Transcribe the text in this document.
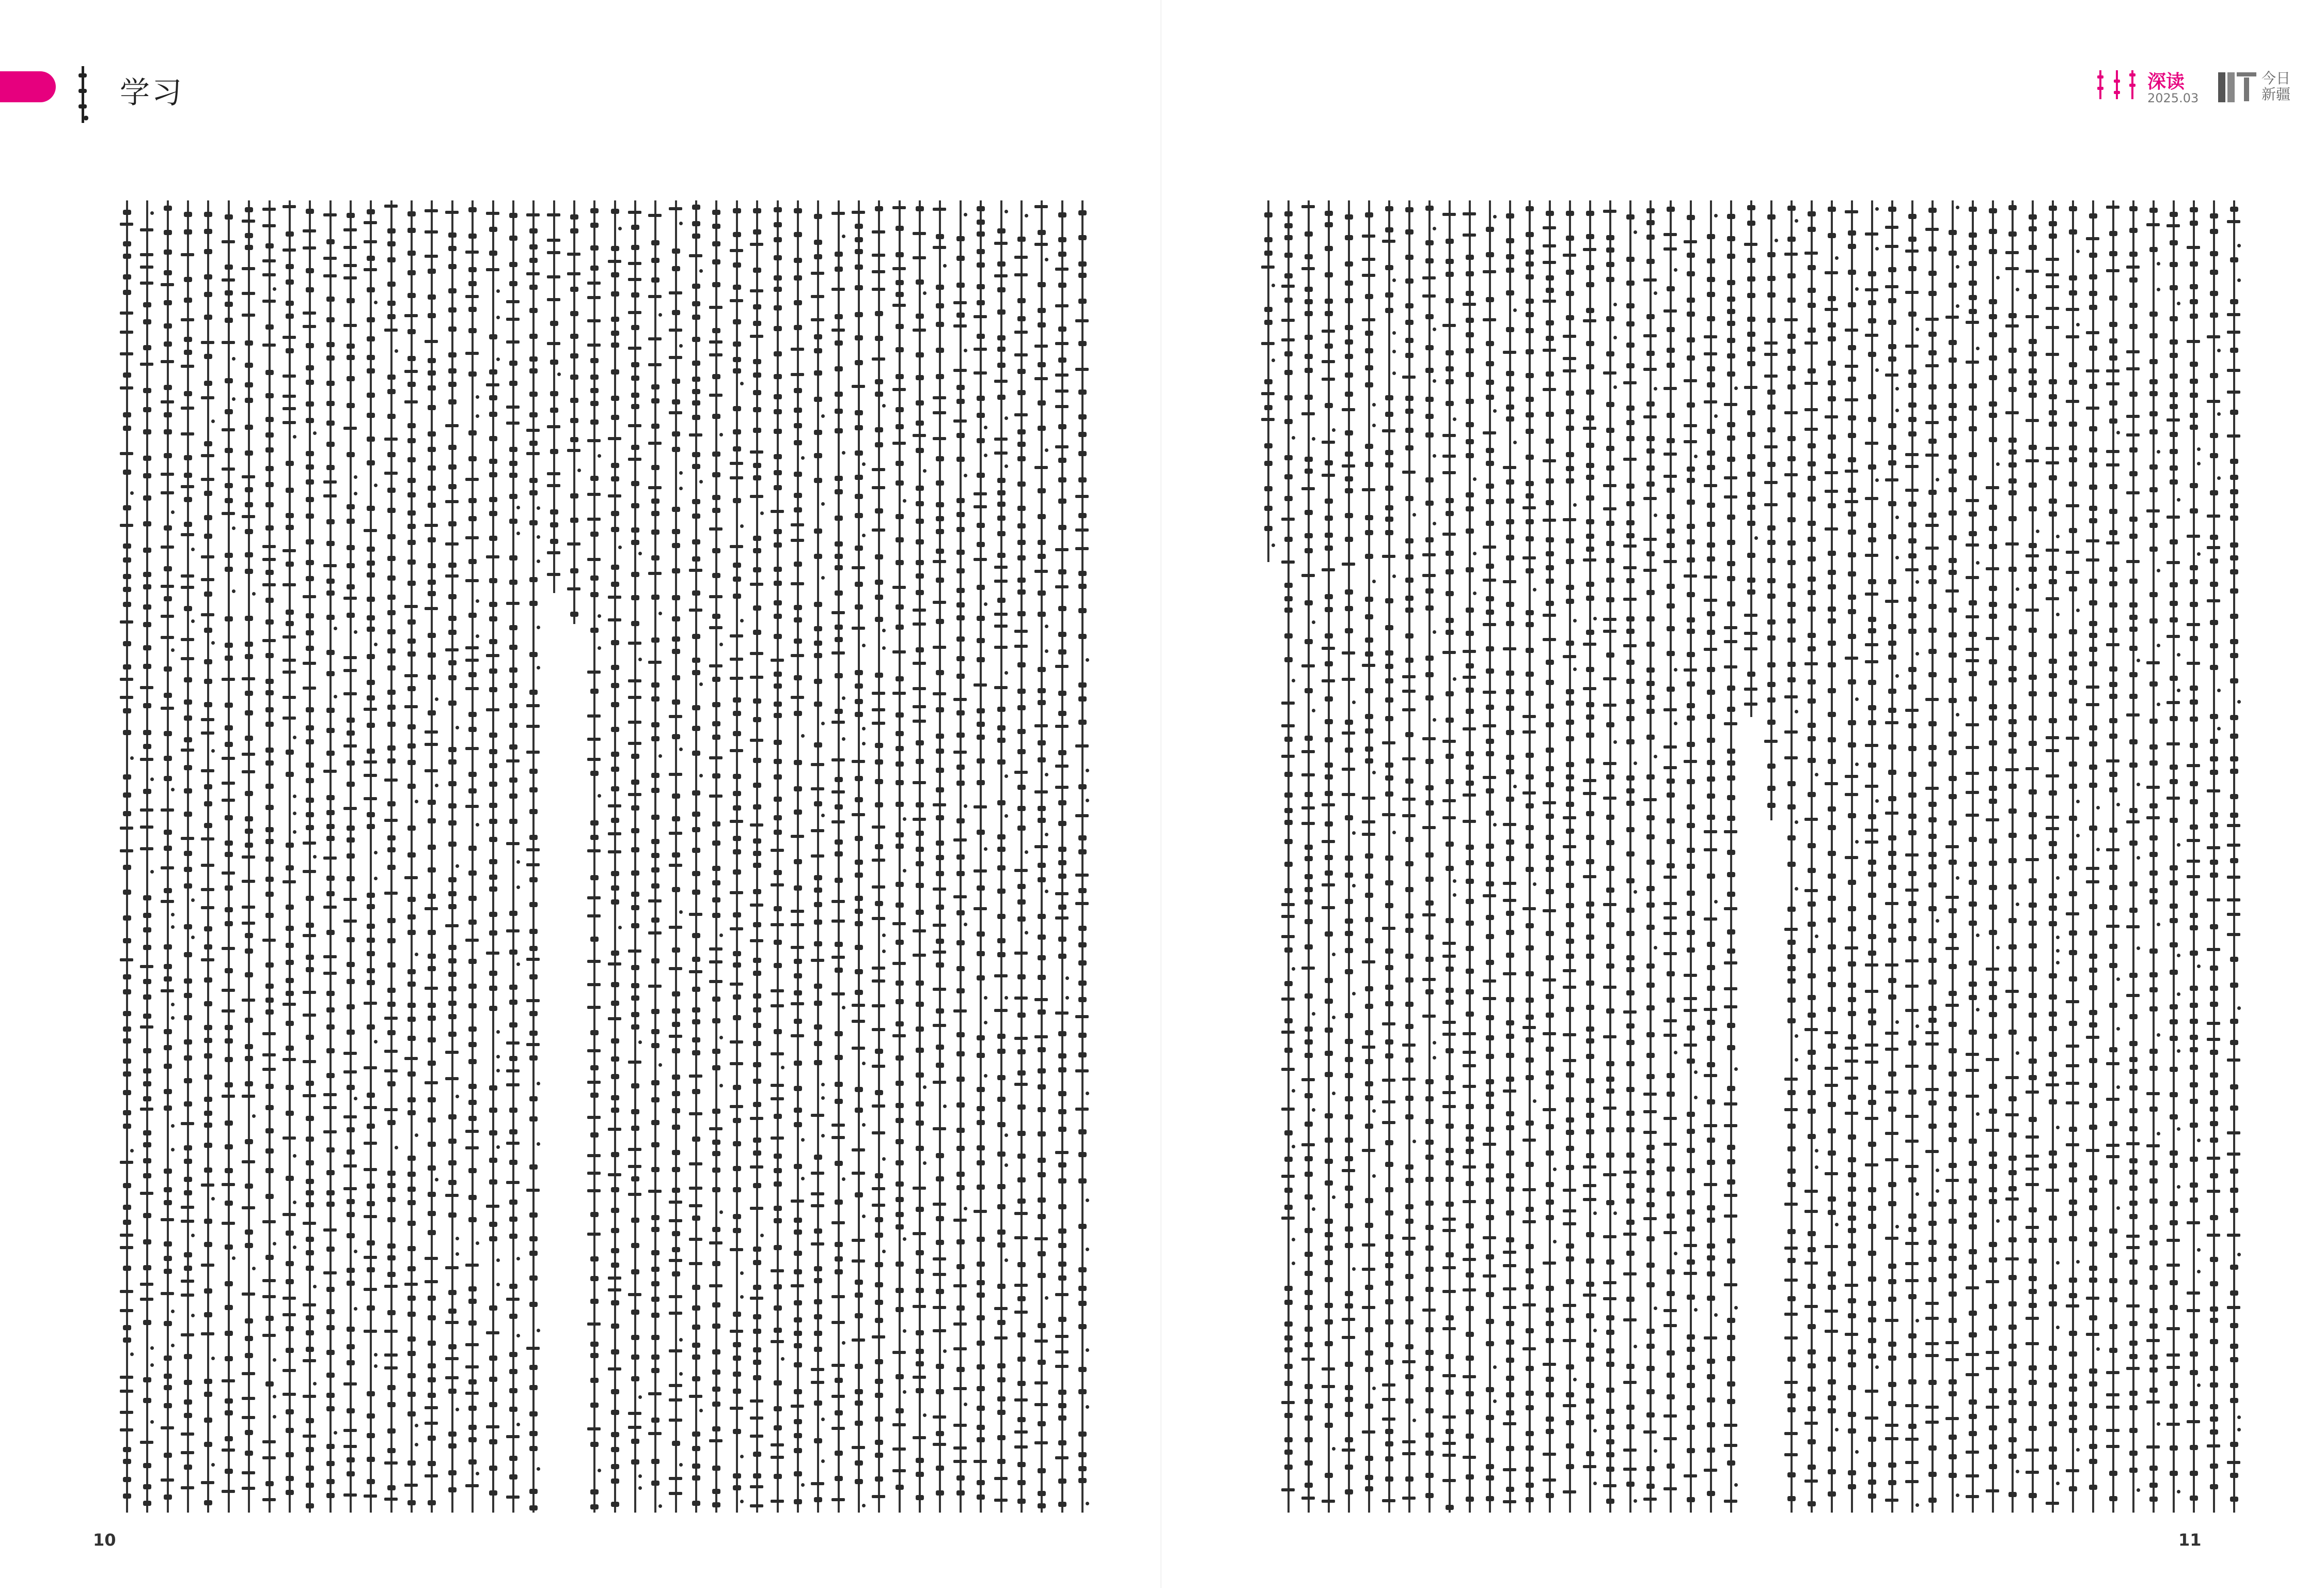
学习
10	11
深读
2025.03
今日
新疆
